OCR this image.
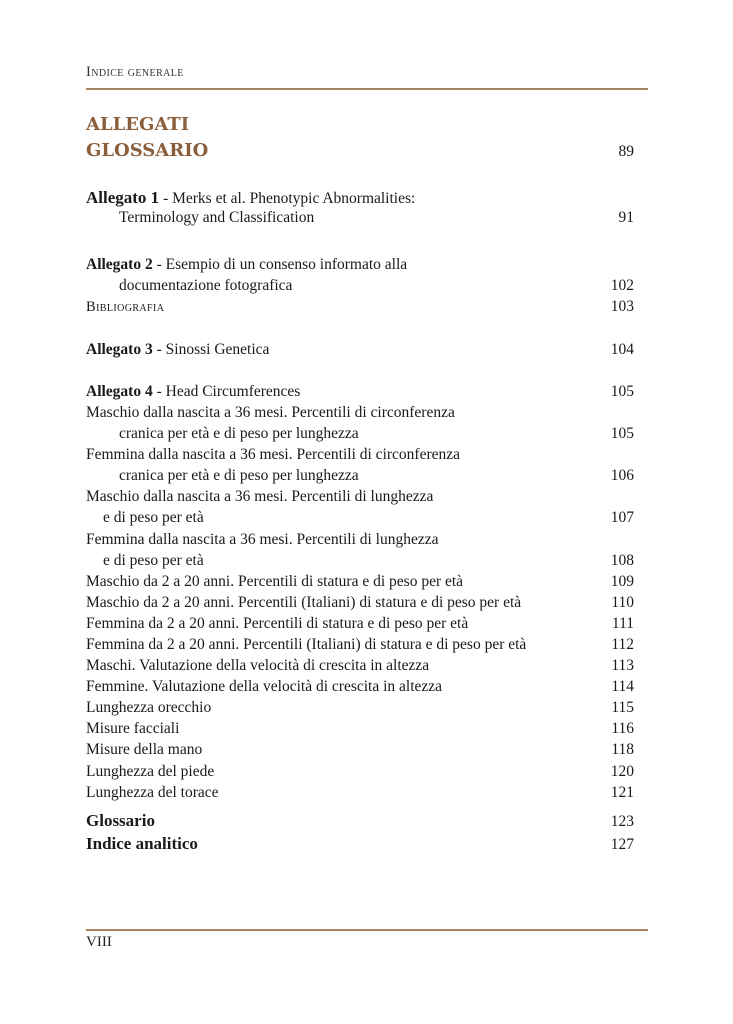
Indice generale
ALLEGATI
GLOSSARIO	89
Allegato 1 - Merks et al. Phenotypic Abnormalities:
Terminology and Classification	91
Allegato 2 - Esempio di un consenso informato alla
documentazione fotografica	102
Bibliografia	103
Allegato 3 - Sinossi Genetica	104
Allegato 4 - Head Circumferences	105
Maschio dalla nascita a 36 mesi. Percentili di circonferenza
cranica per età e di peso per lunghezza	105
Femmina dalla nascita a 36 mesi. Percentili di circonferenza
cranica per età e di peso per lunghezza	106
Maschio dalla nascita a 36 mesi. Percentili di lunghezza
e di peso per età	107
Femmina dalla nascita a 36 mesi. Percentili di lunghezza
e di peso per età	108
Maschio da 2 a 20 anni. Percentili di statura e di peso per età	109
Maschio da 2 a 20 anni. Percentili (Italiani) di statura e di peso per età	110
Femmina da 2 a 20 anni. Percentili di statura e di peso per età	111
Femmina da 2 a 20 anni. Percentili (Italiani) di statura e di peso per età	112
Maschi. Valutazione della velocità di crescita in altezza	113
Femmine. Valutazione della velocità di crescita in altezza	114
Lunghezza orecchio	115
Misure facciali	116
Misure della mano	118
Lunghezza del piede	120
Lunghezza del torace	121
Glossario	123
Indice analitico	127
VIII
